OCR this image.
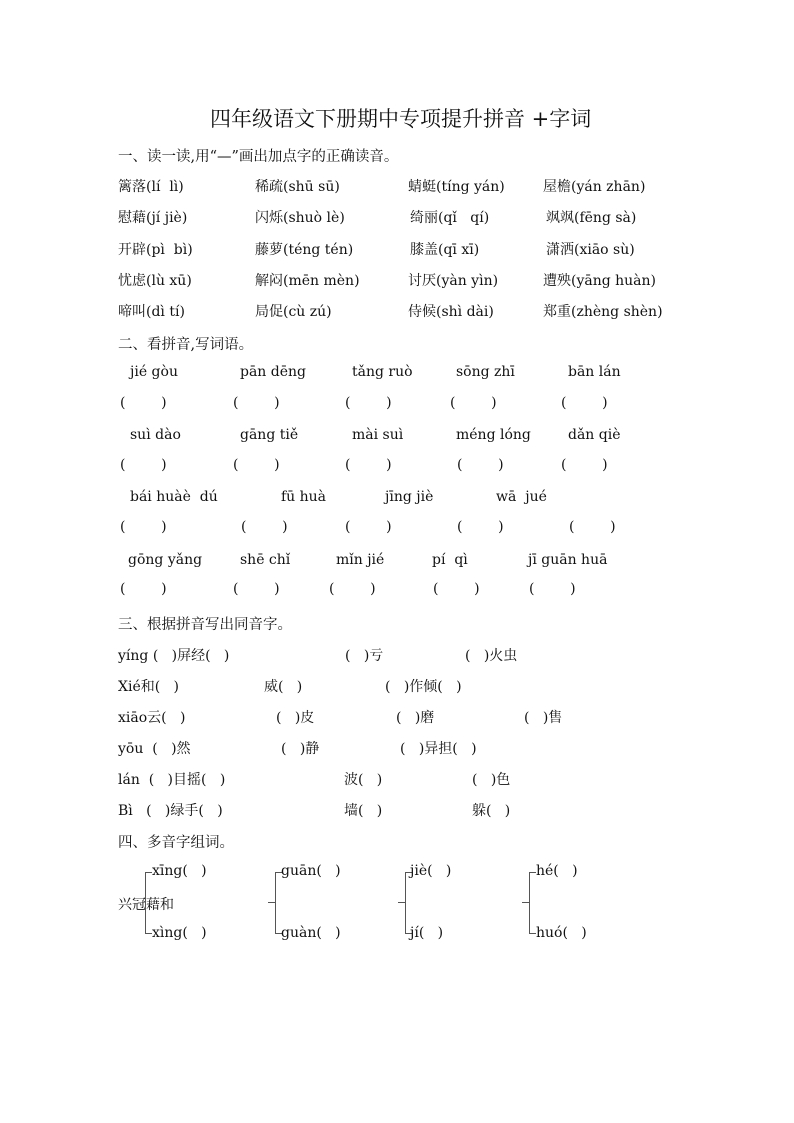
四年级语文下册期中专项提升拼音 +字词
一、读一读,用“—”画出加点字的正确读音。
篱落(lí  lì)	稀疏(shū sū)	蜻蜓(tíng yán)	屋檐(yán zhān)
慰藉(jí jiè)	闪烁(shuò lè)	绮丽(qǐ   qí)	飒飒(fēng sà)
开辟(pì  bì)	藤萝(téng tén)	膝盖(qī xī)	潇洒(xiāo sù)
忧虑(lù xū)	解闷(mēn mèn)	讨厌(yàn yìn)	遭殃(yāng huàn)
啼叫(dì tí)	局促(cù zú)	侍候(shì dài)	郑重(zhèng shèn)
二、看拼音,写词语。
jié gòu	pān dēng	tǎng ruò	sōng zhī	bān lán
(        )	(        )	(        )	(        )	(        )
suì dào	gāng tiě	mài suì	méng lóng	dǎn qiè
(        )	(        )	(        )	(        )	(        )
bái huàè  dú	fū huà	jīng jiè	wā  jué
(        )	(        )	(        )	(        )	(        )
gōng yǎng	shē chǐ	mǐn jié	pí  qì	jī guān huā
(        )	(        )	(        )	(        )	(        )
三、根据拼音写出同音字。
yíng (   )屏经(   )	(   )亏	(   )火虫
Xié和(   )	威(   )	(   )作倾(   )
xiāo云(   )	(   )皮	(   )磨	(   )售
yōu  (   )然	(   )静	(   )异担(   )
lán  (   )目摇(   )	波(   )	(   )色
Bì   (   )绿手(   )	墙(   )	躲(   )
四、多音字组词。
兴冠藉和
xīng(   )
xìng(   )
guān(   )
guàn(   )
jiè(   )
jí(   )
hé(   )
huó(   )
